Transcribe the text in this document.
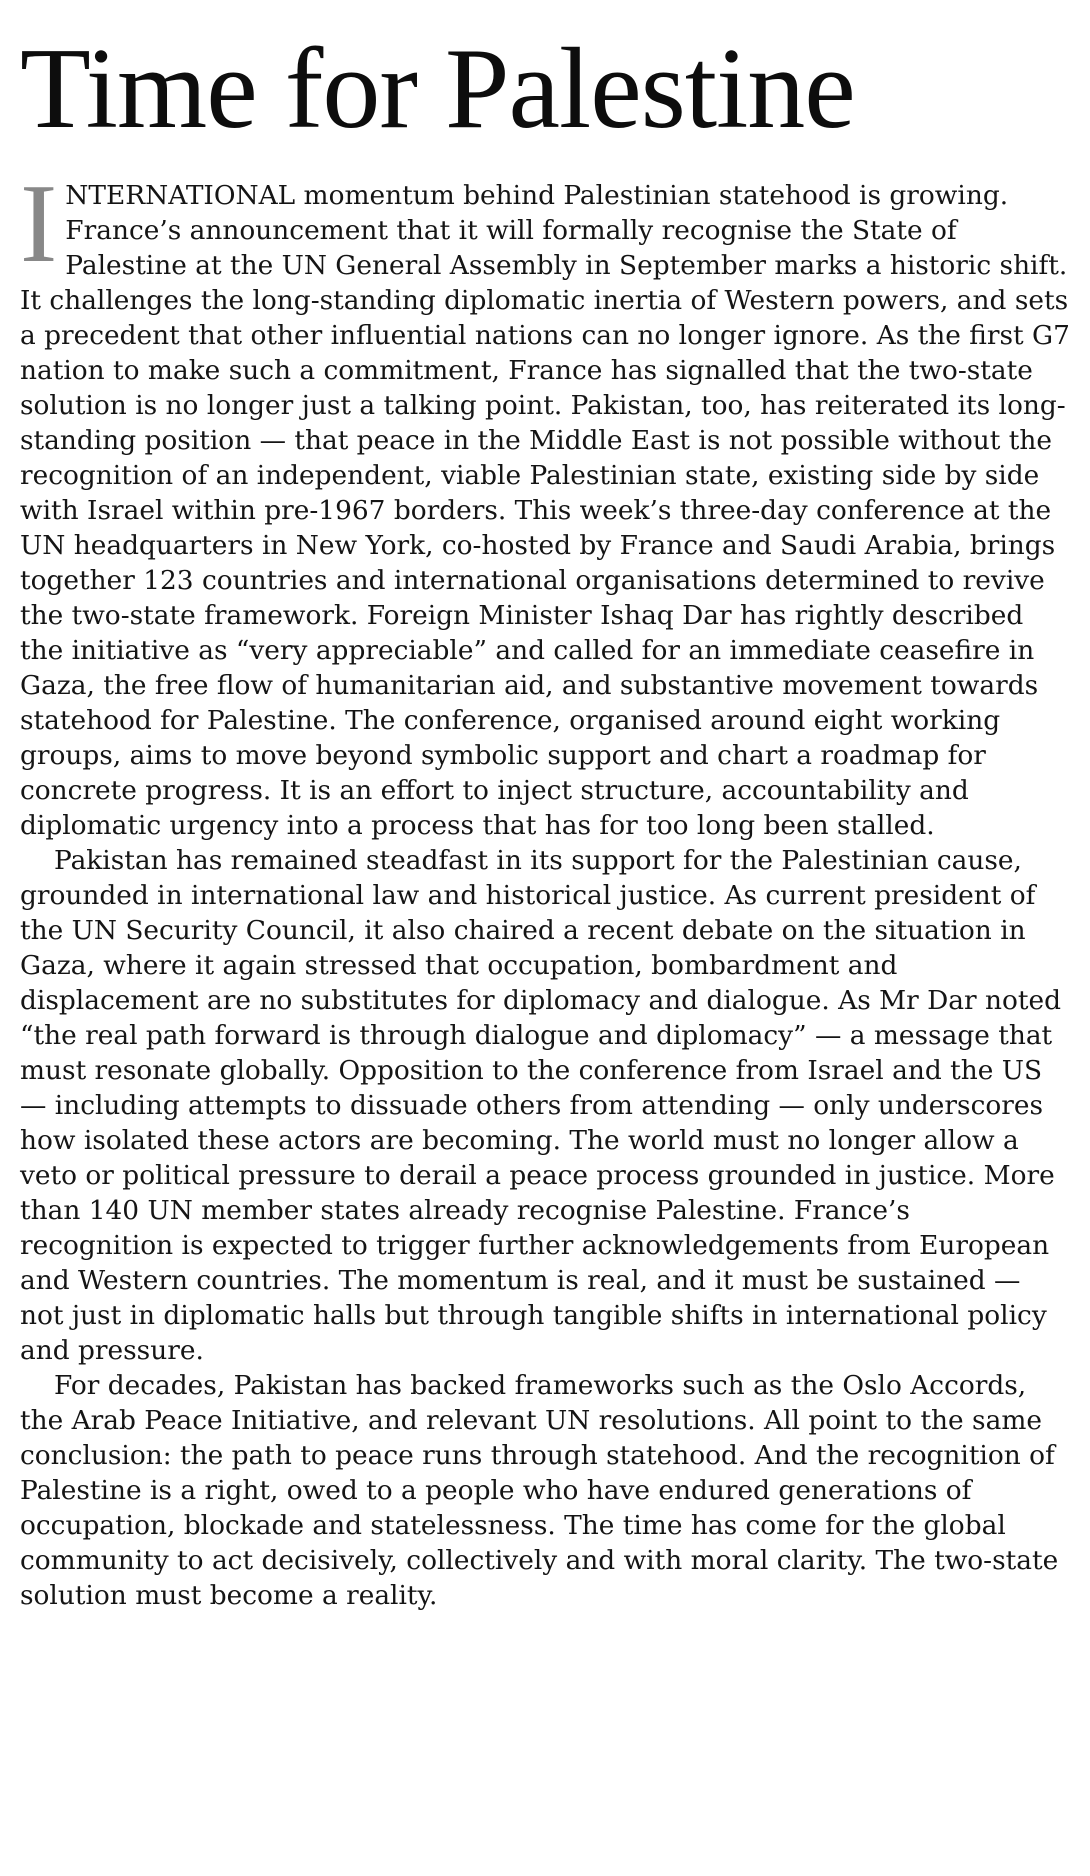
Time for Palestine

INTERNATIONAL momentum behind Palestinian statehood is growing. France’s announcement that it will formally recognise the State of Palestine at the UN General Assembly in September marks a historic shift. It challenges the long-standing diplomatic inertia of Western powers, and sets a precedent that other influential nations can no longer ignore. As the first G7 nation to make such a commitment, France has signalled that the two-state solution is no longer just a talking point. Pakistan, too, has reiterated its long-standing position — that peace in the Middle East is not possible without the recognition of an independent, viable Palestinian state, existing side by side with Israel within pre-1967 borders. This week’s three-day conference at the UN headquarters in New York, co-hosted by France and Saudi Arabia, brings together 123 countries and international organisations determined to revive the two-state framework. Foreign Minister Ishaq Dar has rightly described the initiative as “very appreciable” and called for an immediate ceasefire in Gaza, the free flow of humanitarian aid, and substantive movement towards statehood for Palestine. The conference, organised around eight working groups, aims to move beyond symbolic support and chart a roadmap for concrete progress. It is an effort to inject structure, accountability and diplomatic urgency into a process that has for too long been stalled.

Pakistan has remained steadfast in its support for the Palestinian cause, grounded in international law and historical justice. As current president of the UN Security Council, it also chaired a recent debate on the situation in Gaza, where it again stressed that occupation, bombardment and displacement are no substitutes for diplomacy and dialogue. As Mr Dar noted “the real path forward is through dialogue and diplomacy” — a message that must resonate globally. Opposition to the conference from Israel and the US — including attempts to dissuade others from attending — only underscores how isolated these actors are becoming. The world must no longer allow a veto or political pressure to derail a peace process grounded in justice. More than 140 UN member states already recognise Palestine. France’s recognition is expected to trigger further acknowledgements from European and Western countries. The momentum is real, and it must be sustained — not just in diplomatic halls but through tangible shifts in international policy and pressure.

For decades, Pakistan has backed frameworks such as the Oslo Accords, the Arab Peace Initiative, and relevant UN resolutions. All point to the same conclusion: the path to peace runs through statehood. And the recognition of Palestine is a right, owed to a people who have endured generations of occupation, blockade and statelessness. The time has come for the global community to act decisively, collectively and with moral clarity. The two-state solution must become a reality.
